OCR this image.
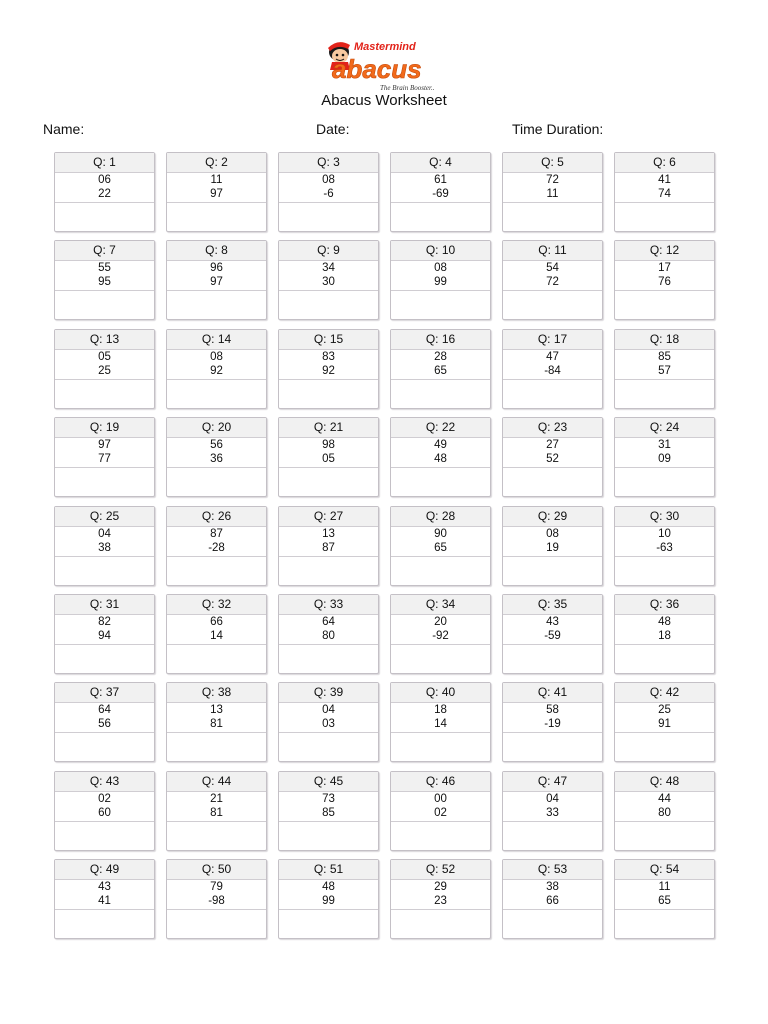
Mastermind
abacus
The Brain Booster..
Abacus Worksheet
Name:	Date:	Time Duration:
Q: 1
06
22
Q: 2
11
97
Q: 3
08
-6
Q: 4
61
-69
Q: 5
72
11
Q: 6
41
74
Q: 7
55
95
Q: 8
96
97
Q: 9
34
30
Q: 10
08
99
Q: 11
54
72
Q: 12
17
76
Q: 13
05
25
Q: 14
08
92
Q: 15
83
92
Q: 16
28
65
Q: 17
47
-84
Q: 18
85
57
Q: 19
97
77
Q: 20
56
36
Q: 21
98
05
Q: 22
49
48
Q: 23
27
52
Q: 24
31
09
Q: 25
04
38
Q: 26
87
-28
Q: 27
13
87
Q: 28
90
65
Q: 29
08
19
Q: 30
10
-63
Q: 31
82
94
Q: 32
66
14
Q: 33
64
80
Q: 34
20
-92
Q: 35
43
-59
Q: 36
48
18
Q: 37
64
56
Q: 38
13
81
Q: 39
04
03
Q: 40
18
14
Q: 41
58
-19
Q: 42
25
91
Q: 43
02
60
Q: 44
21
81
Q: 45
73
85
Q: 46
00
02
Q: 47
04
33
Q: 48
44
80
Q: 49
43
41
Q: 50
79
-98
Q: 51
48
99
Q: 52
29
23
Q: 53
38
66
Q: 54
11
65
